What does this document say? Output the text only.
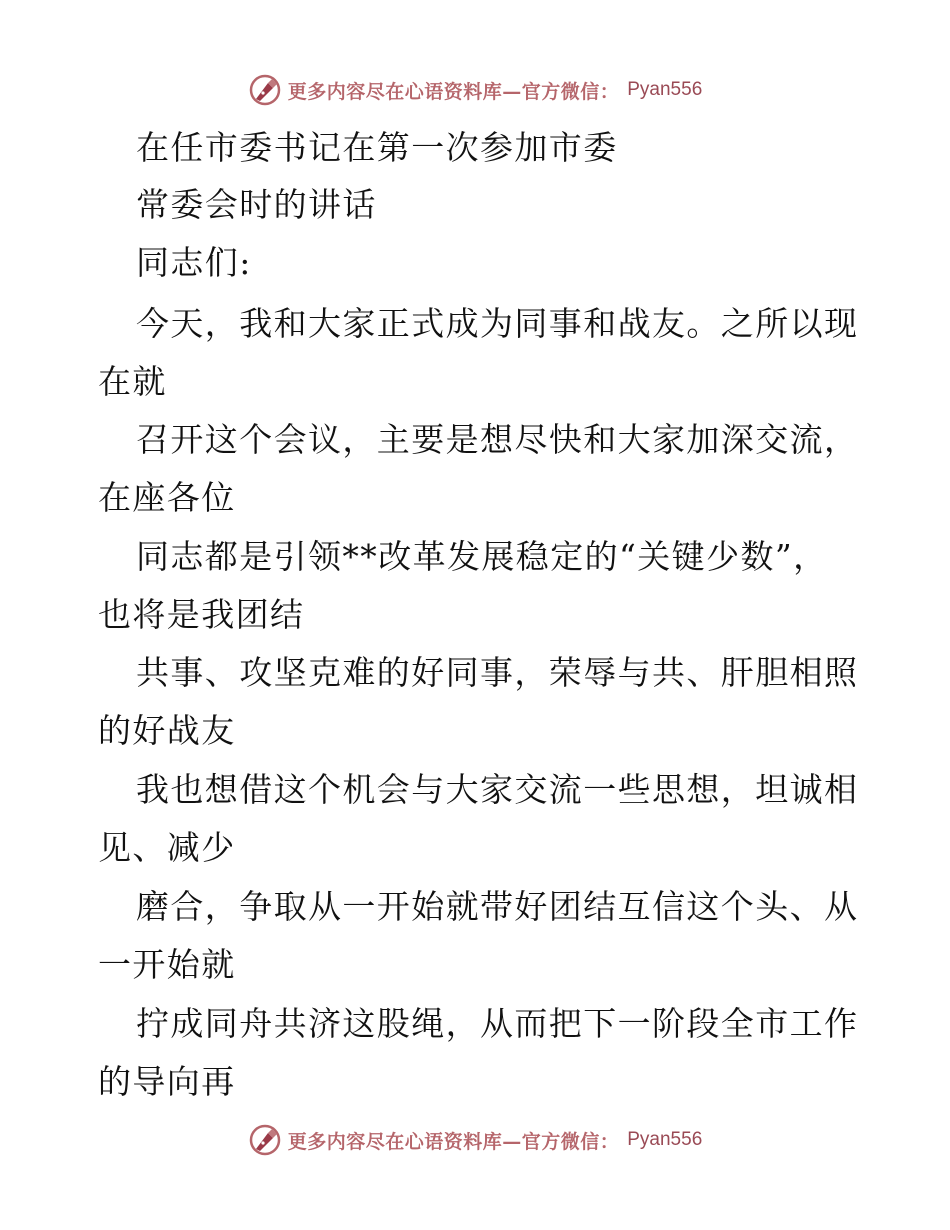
更多内容尽在心语资料库—官方微信： Pyan556
在任市委书记在第一次参加市委
常委会时的讲话
同志们:
今天，我和大家正式成为同事和战友。之所以现
在就
召开这个会议，主要是想尽快和大家加深交流，
在座各位
同志都是引领**改革发展稳定的“关键少数”，
也将是我团结
共事、攻坚克难的好同事，荣辱与共、肝胆相照
的好战友
我也想借这个机会与大家交流一些思想，坦诚相
见、减少
磨合，争取从一开始就带好团结互信这个头、从
一开始就
拧成同舟共济这股绳，从而把下一阶段全市工作
的导向再
更多内容尽在心语资料库—官方微信： Pyan556
